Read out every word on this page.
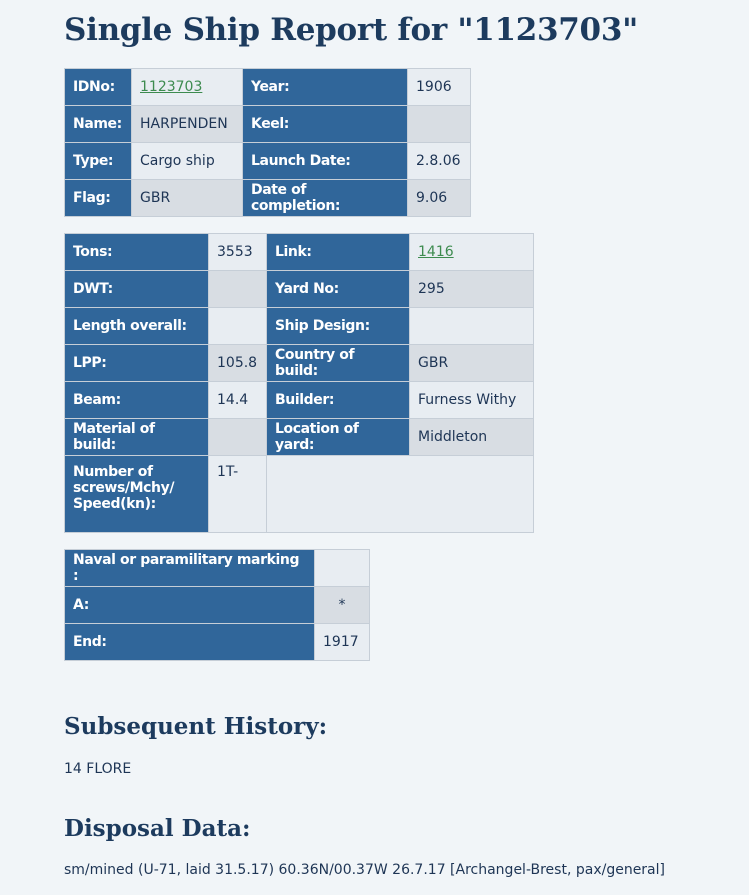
Single Ship Report for "1123703"
IDNo:	1123703	Year:	1906
Name:	HARPENDEN	Keel:	
Type:	Cargo ship	Launch Date:	2.8.06
Flag:	GBR	Date of completion:	9.06
Tons:	3553	Link:	1416
DWT:		Yard No:	295
Length overall:		Ship Design:	
LPP:	105.8	Country of build:	GBR
Beam:	14.4	Builder:	Furness Withy
Material of build:		Location of yard:	Middleton
Number of screws/Mchy/ Speed(kn):	1T-		
Naval or paramilitary marking :	
A:	*
End:	1917
Subsequent History:

14 FLORE

Disposal Data:

sm/mined (U-71, laid 31.5.17) 60.36N/00.37W 26.7.17 [Archangel-Brest, pax/general]
